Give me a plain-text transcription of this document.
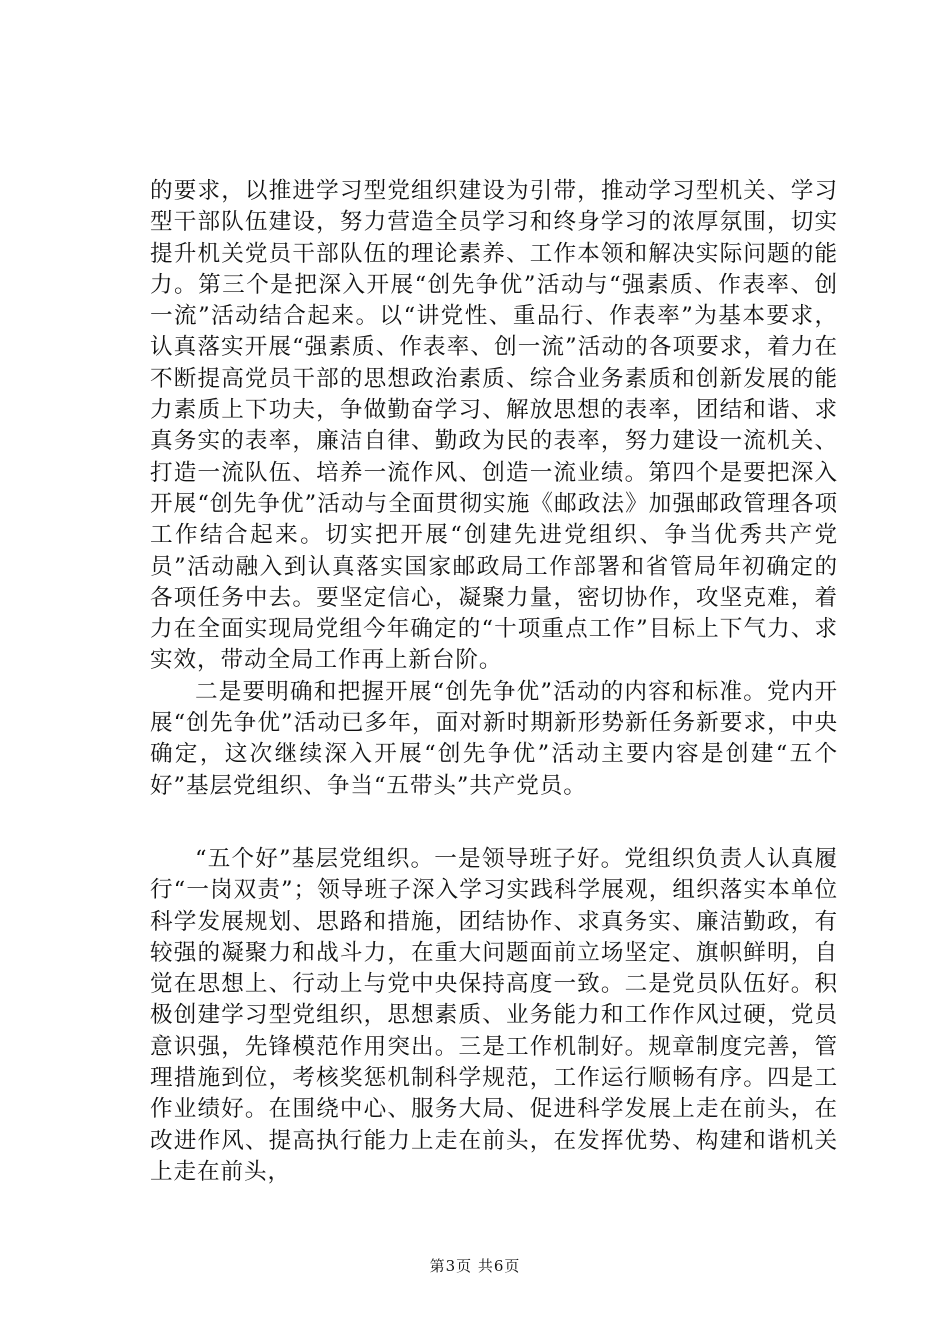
的要求，以推进学习型党组织建设为引带，推动学习型机关、学习型干部队伍建设，努力营造全员学习和终身学习的浓厚氛围，切实提升机关党员干部队伍的理论素养、工作本领和解决实际问题的能力。第三个是把深入开展“创先争优”活动与“强素质、作表率、创一流”活动结合起来。以“讲党性、重品行、作表率”为基本要求，认真落实开展“强素质、作表率、创一流”活动的各项要求，着力在不断提高党员干部的思想政治素质、综合业务素质和创新发展的能力素质上下功夫，争做勤奋学习、解放思想的表率，团结和谐、求真务实的表率，廉洁自律、勤政为民的表率，努力建设一流机关、打造一流队伍、培养一流作风、创造一流业绩。第四个是要把深入开展“创先争优”活动与全面贯彻实施《邮政法》加强邮政管理各项工作结合起来。切实把开展“创建先进党组织、争当优秀共产党员”活动融入到认真落实国家邮政局工作部署和省管局年初确定的各项任务中去。要坚定信心，凝聚力量，密切协作，攻坚克难，着力在全面实现局党组今年确定的“十项重点工作”目标上下气力、求实效，带动全局工作再上新台阶。

二是要明确和把握开展“创先争优”活动的内容和标准。党内开展“创先争优”活动已多年，面对新时期新形势新任务新要求，中央确定，这次继续深入开展“创先争优”活动主要内容是创建“五个好”基层党组织、争当“五带头”共产党员。

“五个好”基层党组织。一是领导班子好。党组织负责人认真履行“一岗双责”；领导班子深入学习实践科学展观，组织落实本单位科学发展规划、思路和措施，团结协作、求真务实、廉洁勤政，有较强的凝聚力和战斗力，在重大问题面前立场坚定、旗帜鲜明，自觉在思想上、行动上与党中央保持高度一致。二是党员队伍好。积极创建学习型党组织，思想素质、业务能力和工作作风过硬，党员意识强，先锋模范作用突出。三是工作机制好。规章制度完善，管理措施到位，考核奖惩机制科学规范，工作运行顺畅有序。四是工作业绩好。在围绕中心、服务大局、促进科学发展上走在前头，在改进作风、提高执行能力上走在前头，在发挥优势、构建和谐机关上走在前头，

第3页 共6页
